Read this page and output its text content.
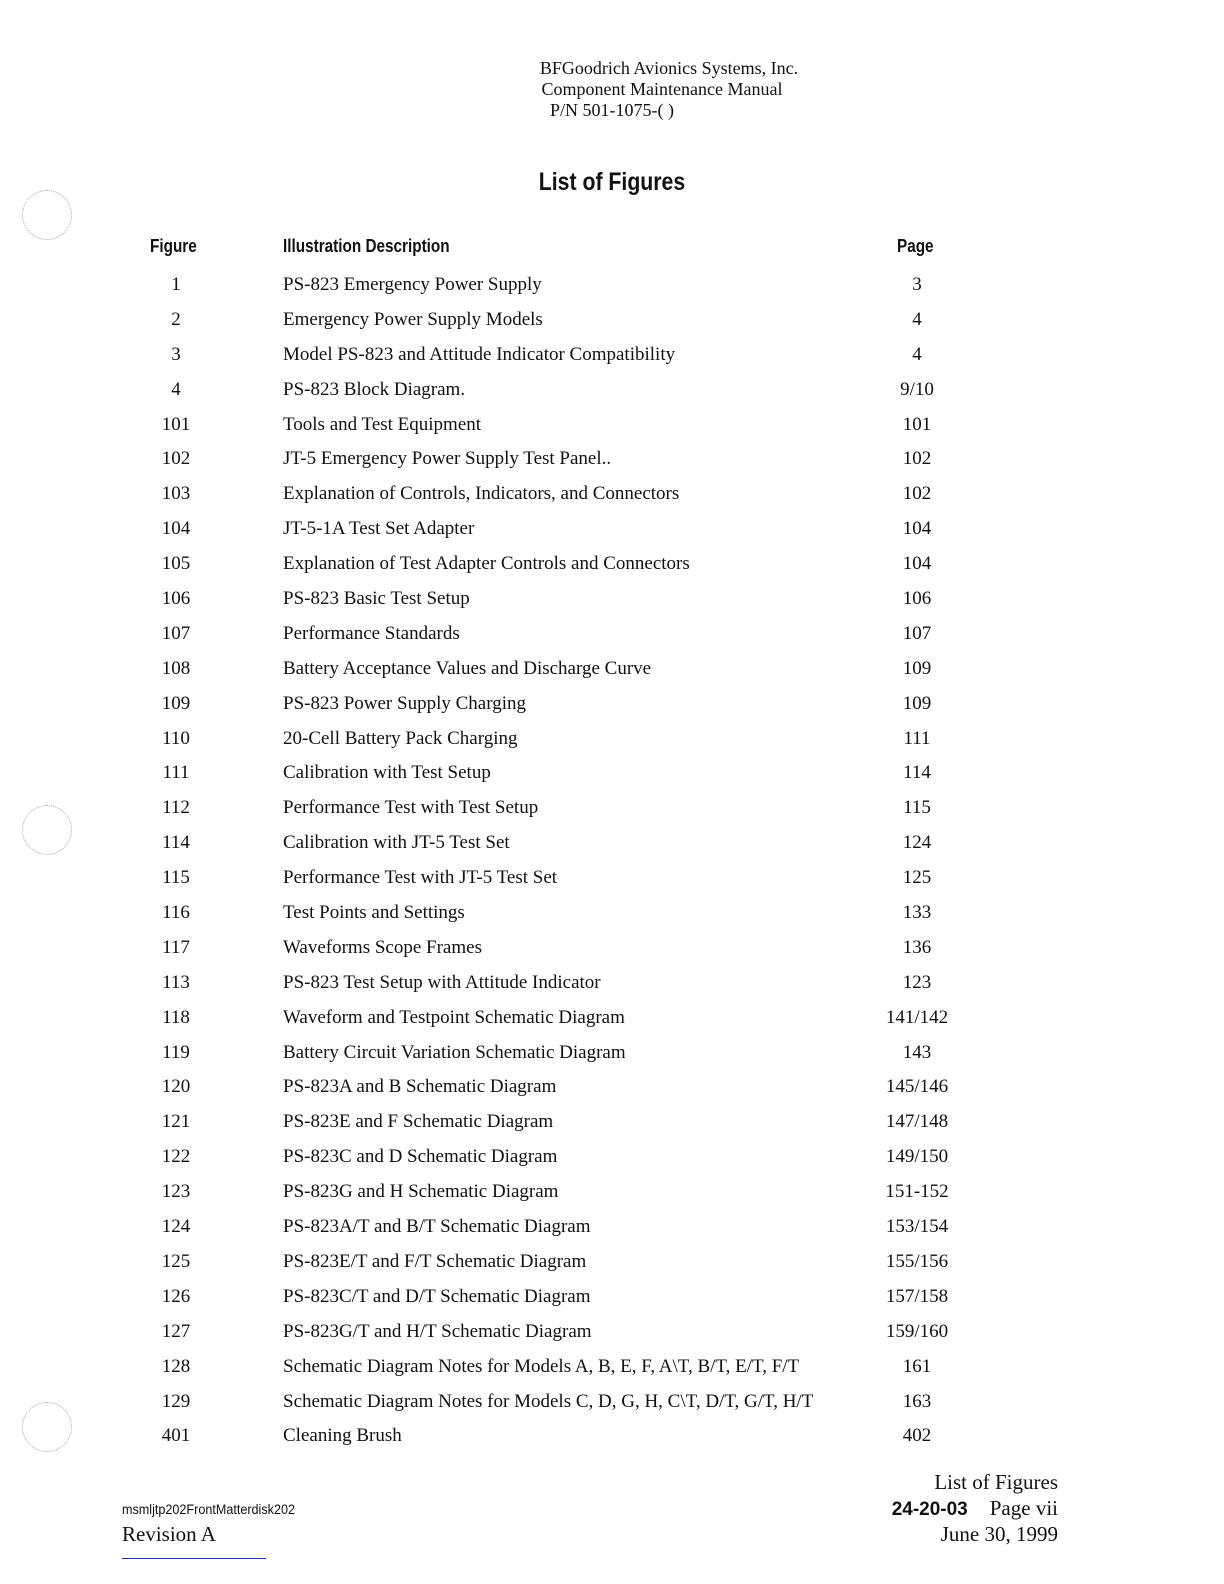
BFGoodrich Avionics Systems, Inc.
Component Maintenance Manual
P/N 501-1075-( )
List of Figures
Figure	Illustration Description	Page
1	PS-823 Emergency Power Supply	3
2	Emergency Power Supply Models	4
3	Model PS-823 and Attitude Indicator Compatibility	4
4	PS-823 Block Diagram.	9/10
101	Tools and Test Equipment	101
102	JT-5 Emergency Power Supply Test Panel..	102
103	Explanation of Controls, Indicators, and Connectors	102
104	JT-5-1A Test Set Adapter	104
105	Explanation of Test Adapter Controls and Connectors	104
106	PS-823 Basic Test Setup	106
107	Performance Standards	107
108	Battery Acceptance Values and Discharge Curve	109
109	PS-823 Power Supply Charging	109
110	20-Cell Battery Pack Charging	111
111	Calibration with Test Setup	114
112	Performance Test with Test Setup	115
114	Calibration with JT-5 Test Set	124
115	Performance Test with JT-5 Test Set	125
116	Test Points and Settings	133
117	Waveforms Scope Frames	136
113	PS-823 Test Setup with Attitude Indicator	123
118	Waveform and Testpoint Schematic Diagram	141/142
119	Battery Circuit Variation Schematic Diagram	143
120	PS-823A and B Schematic Diagram	145/146
121	PS-823E and F Schematic Diagram	147/148
122	PS-823C and D Schematic Diagram	149/150
123	PS-823G and H Schematic Diagram	151-152
124	PS-823A/T and B/T Schematic Diagram	153/154
125	PS-823E/T and F/T Schematic Diagram	155/156
126	PS-823C/T and D/T Schematic Diagram	157/158
127	PS-823G/T and H/T Schematic Diagram	159/160
128	Schematic Diagram Notes for Models A, B, E, F, A\T, B/T, E/T, F/T	161
129	Schematic Diagram Notes for Models C, D, G, H, C\T, D/T, G/T, H/T	163
401	Cleaning Brush	402
msmljtp202FrontMatterdisk202
Revision A
List of Figures
24-20-03 Page vii
June 30, 1999
